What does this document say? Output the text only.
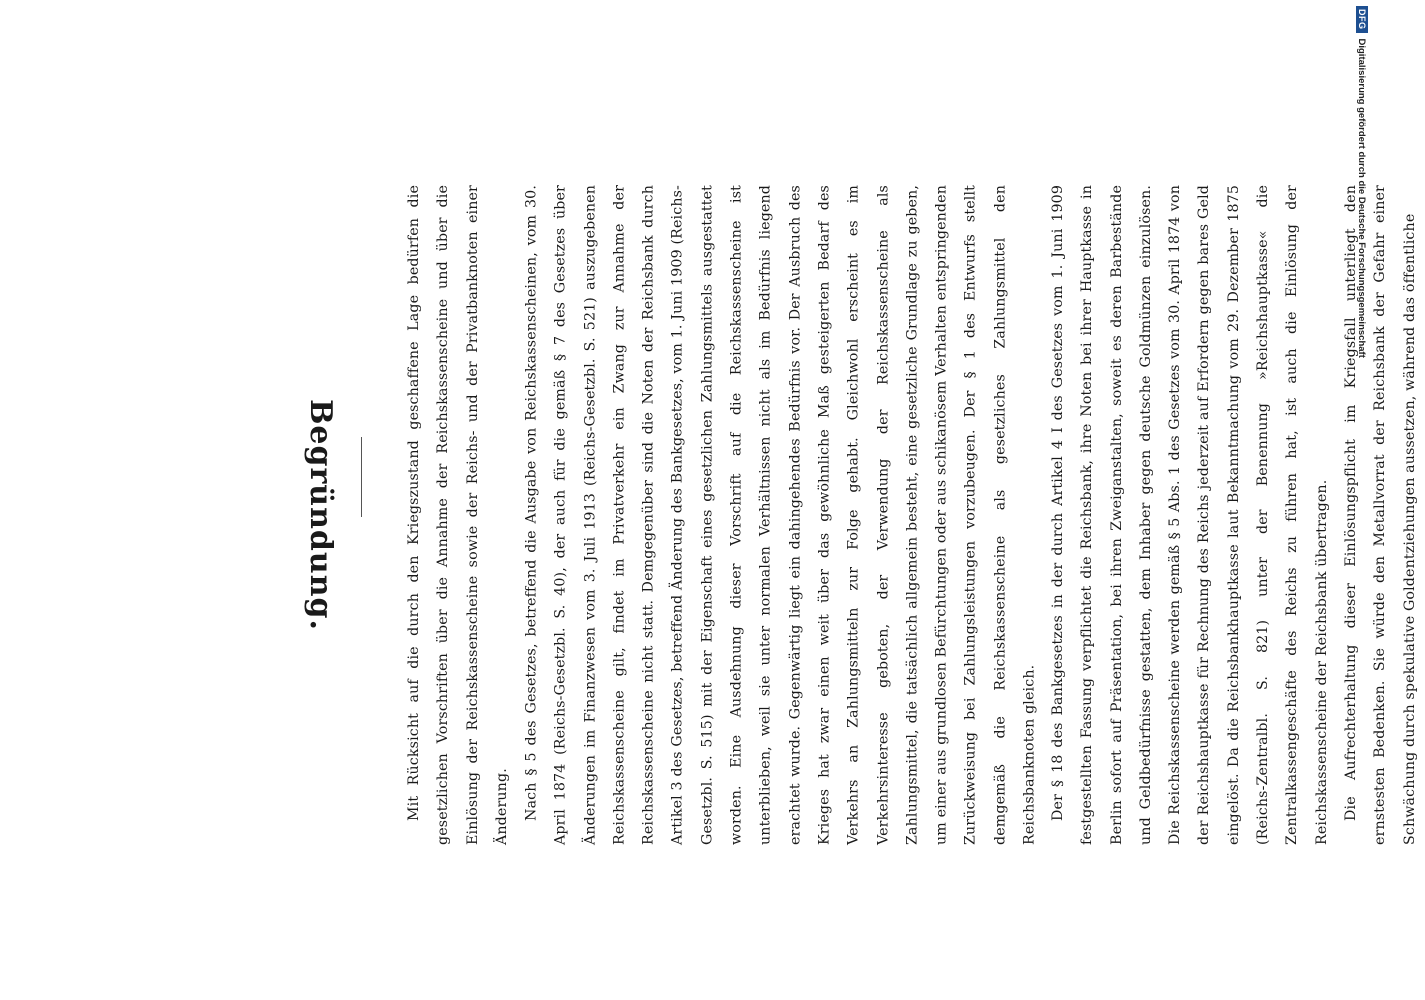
Begründung.	Mit Rücksicht auf die durch den Kriegszustand geschaffene Lage bedürfen die gesetzlichen Vorschriften über die Annahme der Reichskassenscheine und über die Einlösung der Reichskassenscheine sowie der Reichs- und der Privatbanknoten einer Änderung. Nach § 5 des Gesetzes, betreffend die Ausgabe von Reichskassenscheinen, vom 30. April 1874 (Reichs-Gesetzbl. S. 40), der auch für die gemäß § 7 des Gesetzes über Änderungen im Finanzwesen vom 3. Juli 1913 (Reichs-Gesetzbl. S. 521) auszugebenen Reichskassenscheine gilt, findet im Privatverkehr ein Zwang zur Annahme der Reichskassenscheine nicht statt. Demgegenüber sind die Noten der Reichsbank durch Artikel 3 des Gesetzes, betreffend Änderung des Bankgesetzes, vom 1. Juni 1909 (Reichs-Gesetzbl. S. 515) mit der Eigenschaft eines gesetzlichen Zahlungsmittels ausgestattet worden. Eine Ausdehnung dieser Vorschrift auf die Reichskassenscheine ist unterblieben, weil sie unter normalen Verhältnissen nicht als im Bedürfnis liegend erachtet wurde. Gegenwärtig liegt ein dahingehendes Bedürfnis vor. Der Ausbruch des Krieges hat zwar einen weit über das gewöhnliche Maß gesteigerten Bedarf des Verkehrs an Zahlungsmitteln zur Folge gehabt. Gleichwohl erscheint es im Verkehrsinteresse geboten, der Verwendung der Reichskassenscheine als Zahlungsmittel, die tatsächlich allgemein besteht, eine gesetzliche Grundlage zu geben, um einer aus grundlosen Befürchtungen oder aus schikanösem Verhalten entspringenden Zurückweisung bei Zahlungsleistungen vorzubeugen. Der § 1 des Entwurfs stellt demgemäß die Reichskassenscheine als gesetzliches Zahlungsmittel den Reichsbanknoten gleich. Der § 18 des Bankgesetzes in der durch Artikel 4 I des Gesetzes vom 1. Juni 1909 festgestellten Fassung verpflichtet die Reichsbank, ihre Noten bei ihrer Hauptkasse in Berlin sofort auf Präsentation, bei ihren Zweiganstalten, soweit es deren Barbestände und Geldbedürfnisse gestatten, dem Inhaber gegen deutsche Goldmünzen einzulösen. Die Reichskassenscheine werden gemäß § 5 Abs. 1 des Gesetzes vom 30. April 1874 von der Reichshauptkasse für Rechnung des Reichs jederzeit auf Erfordern gegen bares Geld eingelöst. Da die Reichsbankhauptkasse laut Bekanntmachung vom 29. Dezember 1875 (Reichs-Zentralbl. S. 821) unter der Benennung »Reichshauptkasse« die Zentralkassengeschäfte des Reichs zu führen hat, ist auch die Einlösung der Reichskassenscheine der Reichsbank übertragen. Die Aufrechterhaltung dieser Einlösungspflicht im Kriegsfall unterliegt den ernstesten Bedenken. Sie würde den Metallvorrat der Reichsbank der Gefahr einer Schwächung durch spekulative Goldentziehungen aussetzen, während das öffentliche

DFG
Digitalisierung gefördert durch die Deutsche Forschungsgemeinschaft
